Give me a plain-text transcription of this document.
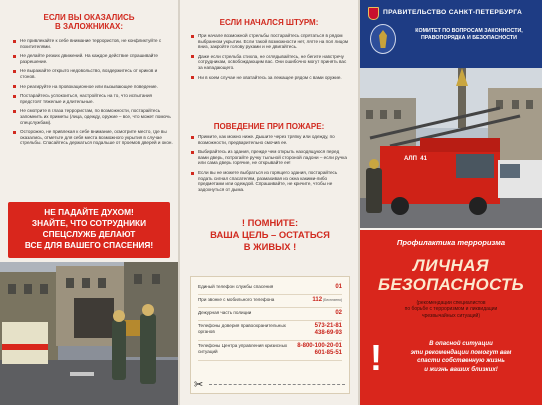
ЕСЛИ ВЫ ОКАЗАЛИСЬ
В ЗАЛОЖНИКАХ:
Не привлекайте к себе внимание террористов, не конфликтуйте с похитителями.
Не делайте резких движений. На каждое действие спрашивайте разрешение.
Не выражайте открыто недовольство, воздержитесь от криков и стонов.
Не реагируйте на провокационное или вызывающее поведение.
Постарайтесь успокоиться, настройтесь на то, что испытания предстоят тяжелые и длительные.
Не смотрите в глаза террористам, по возможности, постарайтесь запомнить их приметы (лица, одежду, оружие – все, что может помочь спецслужбам).
Осторожно, не привлекая к себе внимание, осмотрите место, где вы оказались, отметьте для себя места возможного укрытия в случае стрельбы. Спасайтесь держаться подальше от проемов дверей и окон.
НЕ ПАДАЙТЕ ДУХОМ!
ЗНАЙТЕ, ЧТО СОТРУДНИКИ
СПЕЦСЛУЖБ ДЕЛАЮТ
ВСЕ ДЛЯ ВАШЕГО СПАСЕНИЯ!
ЕСЛИ НАЧАЛСЯ ШТУРМ:
При начале возможной стрельбы постарайтесь спрятаться в рядом выбранном укрытии. Если такой возможности нет, лягте на пол лицом вниз, закройте голову руками и не двигайтесь.
Даже если стрельба стихла, не оглядывайтесь, не бегите навстречу сотрудникам, освобождающим вас. Они ошибочно могут принять вас за нападающего.
Ни в коем случае не хватайтесь за лежащее рядом с вами оружие.
ПОВЕДЕНИЕ ПРИ ПОЖАРЕ:
Примите, как можно ниже. Дышите через тряпку или одежду, по возможности, предварительно смочив ее.
Выбирайтесь из здания, прежде чем открыть находящуюся перед вами дверь, потрогайте ручку тыльной стороной ладони – если ручка или сама дверь горячие, не открывайте ее!
Если вы не можете выбраться из горящего здания, постарайтесь подать сигнал спасателям, размахивая из окна какими-либо предметами или одеждой. Спрашивайте, не кричите, чтобы не задохнуться от дыма.
! ПОМНИТЕ:
ВАША ЦЕЛЬ – ОСТАТЬСЯ
В ЖИВЫХ !
Единый телефон службы спасения	01
При звонке с мобильного телефона	112 (Бесплатно)
Дежурная часть полиции	02
Телефоны доверия правоохранительных органов
573-21-81
438-69-93
Телефоны Центра управления кризисных ситуаций
8-800-100-20-01
601-85-51
✂
ПРАВИТЕЛЬСТВО САНКТ-ПЕТЕРБУРГА
КОМИТЕТ ПО ВОПРОСАМ ЗАКОННОСТИ,
ПРАВОПОРЯДКА И БЕЗОПАСНОСТИ
АЛП  41
Профилактика терроризма
ЛИЧНАЯ
БЕЗОПАСНОСТЬ
(рекомендации специалистов
по борьбе с терроризмом и ликвидации
чрезвычайных ситуаций)
!	В опасной ситуации
эти рекомендации помогут вам
спасти собственную жизнь
и жизнь ваших близких!
